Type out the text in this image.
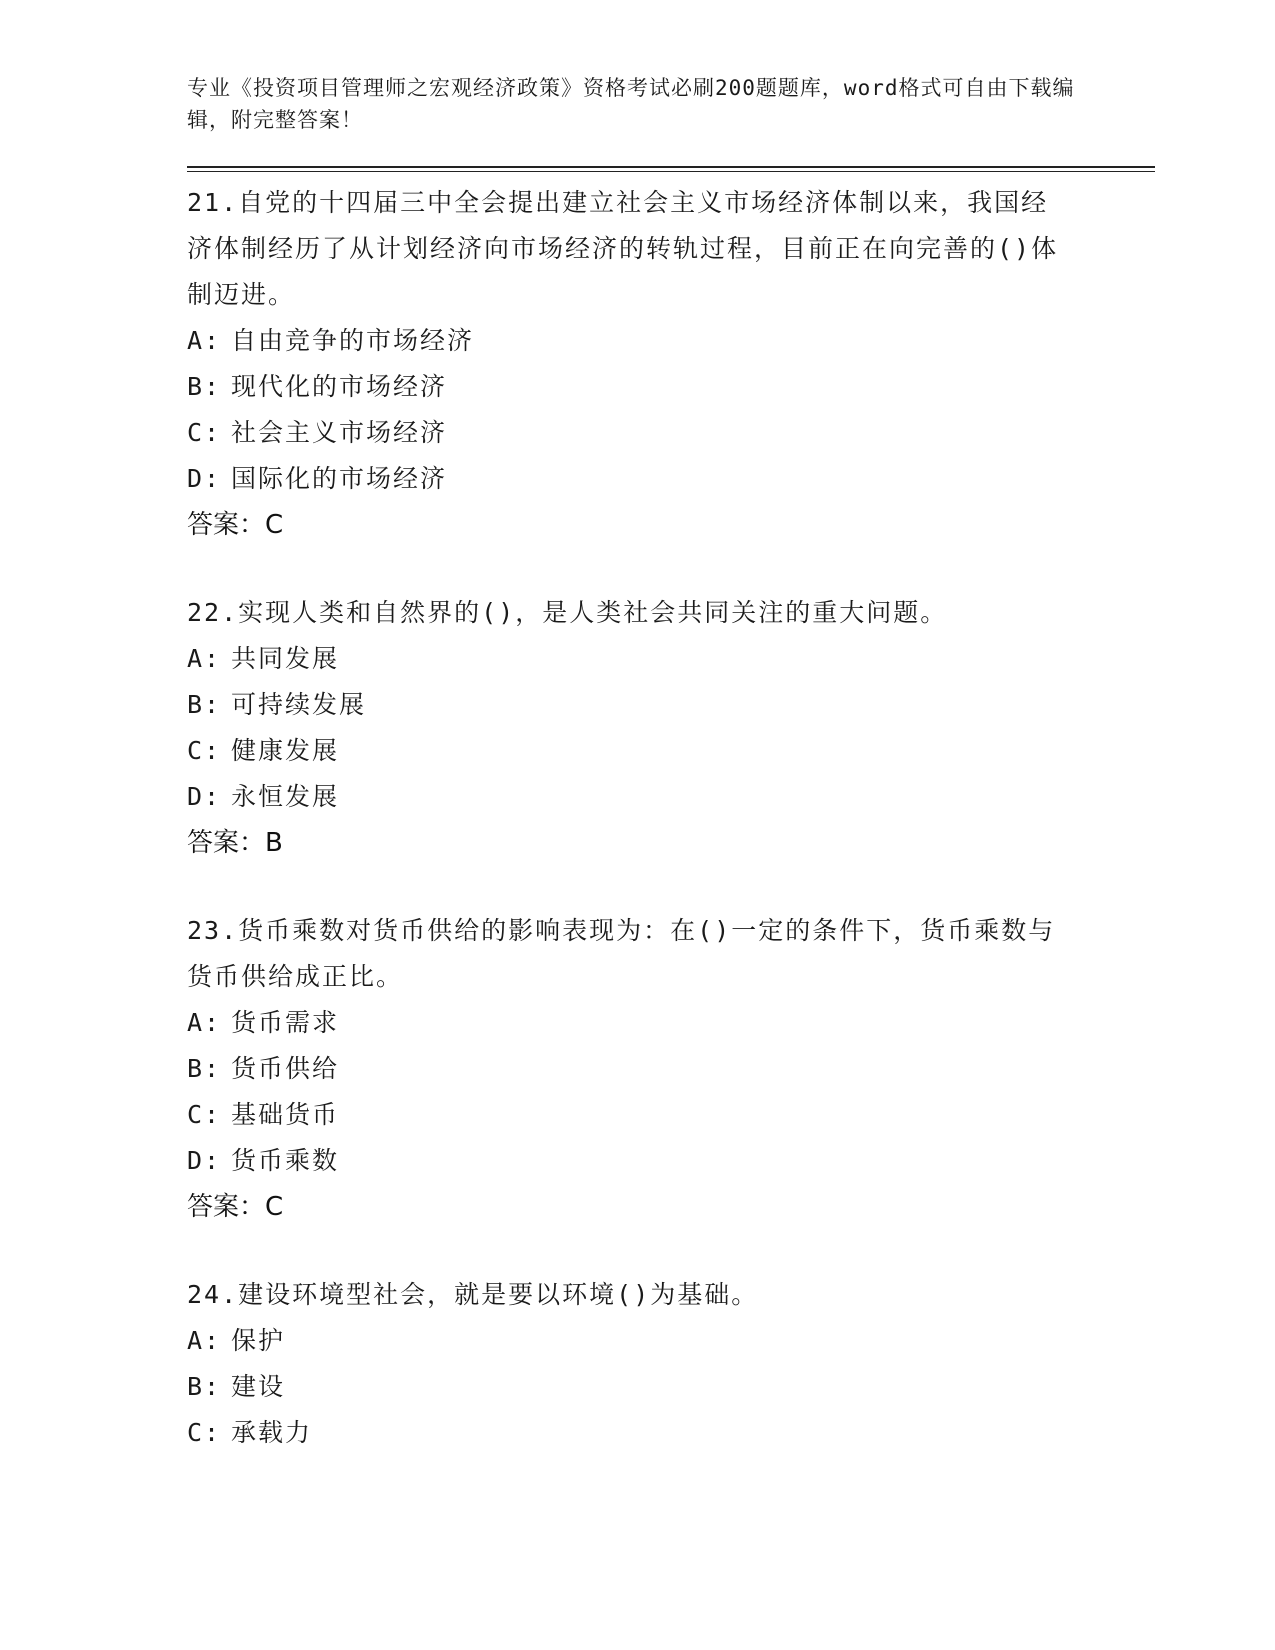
专业《投资项目管理师之宏观经济政策》资格考试必刷200题题库，word格式可自由下载编辑，附完整答案！

21.自党的十四届三中全会提出建立社会主义市场经济体制以来，我国经济体制经历了从计划经济向市场经济的转轨过程，目前正在向完善的()体制迈进。

A: 自由竞争的市场经济

B: 现代化的市场经济

C: 社会主义市场经济

D: 国际化的市场经济

答案：C

22.实现人类和自然界的()，是人类社会共同关注的重大问题。

A: 共同发展

B: 可持续发展

C: 健康发展

D: 永恒发展

答案：B

23.货币乘数对货币供给的影响表现为：在()一定的条件下，货币乘数与货币供给成正比。

A: 货币需求

B: 货币供给

C: 基础货币

D: 货币乘数

答案：C

24.建设环境型社会，就是要以环境()为基础。

A: 保护

B: 建设

C: 承载力
